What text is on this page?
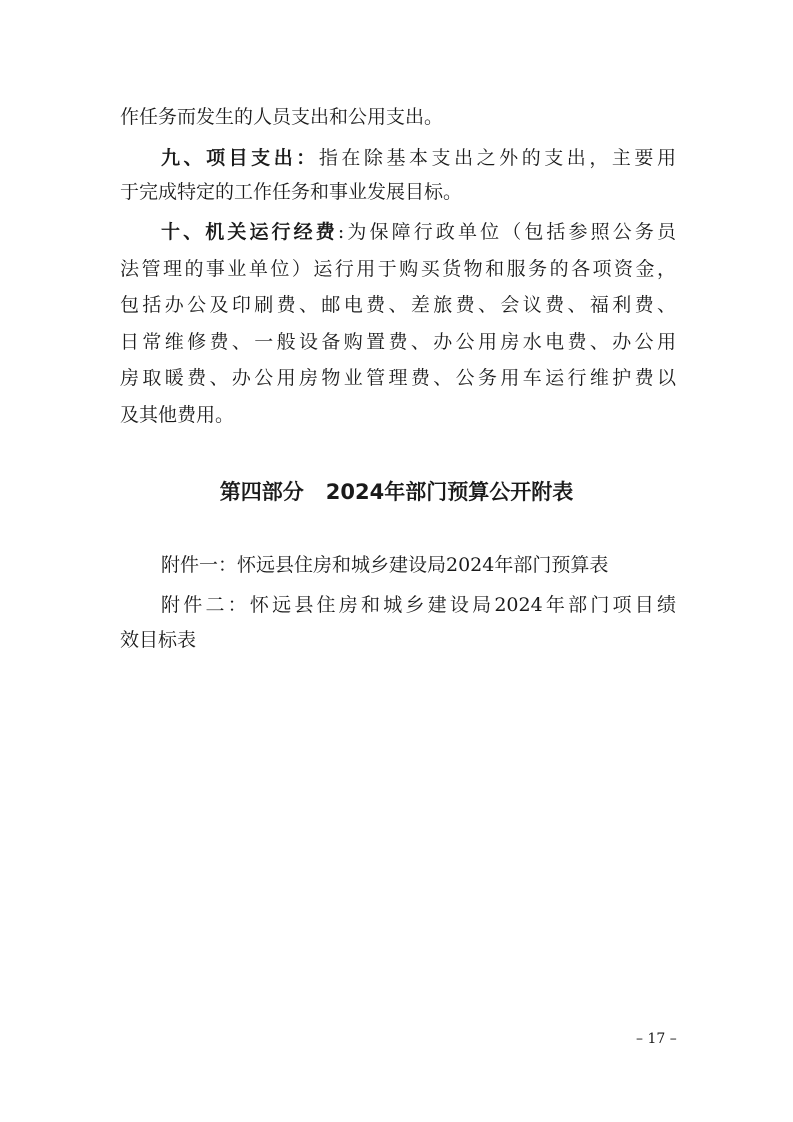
作任务而发生的人员支出和公用支出。
九、项目支出：指在除基本支出之外的支出，主要用
于完成特定的工作任务和事业发展目标。
十、机关运行经费:为保障行政单位（包括参照公务员
法管理的事业单位）运行用于购买货物和服务的各项资金，
包括办公及印刷费、邮电费、差旅费、会议费、福利费、
日常维修费、一般设备购置费、办公用房水电费、办公用
房取暖费、办公用房物业管理费、公务用车运行维护费以
及其他费用。
第四部分 2024年部门预算公开附表
附件一：怀远县住房和城乡建设局2024年部门预算表
附件二：怀远县住房和城乡建设局2024年部门项目绩
效目标表
– 17 –
